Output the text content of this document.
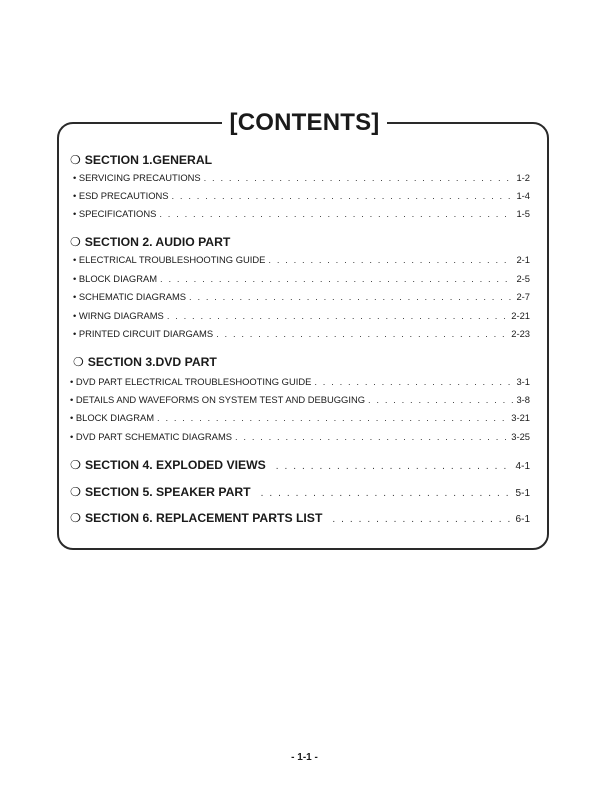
[CONTENTS]
❍ SECTION 1.GENERAL
• SERVICING PRECAUTIONS . . .	1-2
• ESD PRECAUTIONS . . .	1-4
• SPECIFICATIONS . . .	1-5
❍ SECTION 2. AUDIO PART
• ELECTRICAL TROUBLESHOOTING GUIDE . . .	2-1
• BLOCK DIAGRAM . . .	2-5
• SCHEMATIC DIAGRAMS . . .	2-7
• WIRNG DIAGRAMS . . .	2-21
• PRINTED CIRCUIT DIARGAMS . . .	2-23
❍ SECTION 3.DVD PART
• DVD PART ELECTRICAL TROUBLESHOOTING GUIDE . . .	3-1
• DETAILS AND WAVEFORMS ON SYSTEM TEST AND DEBUGGING . . .	3-8
• BLOCK DIAGRAM . . .	3-21
• DVD PART SCHEMATIC DIAGRAMS . . .	3-25
❍ SECTION 4. EXPLODED VIEWS . . .	4-1
❍ SECTION 5. SPEAKER PART . . .	5-1
❍ SECTION 6. REPLACEMENT PARTS LIST . . .	6-1
- 1-1 -
